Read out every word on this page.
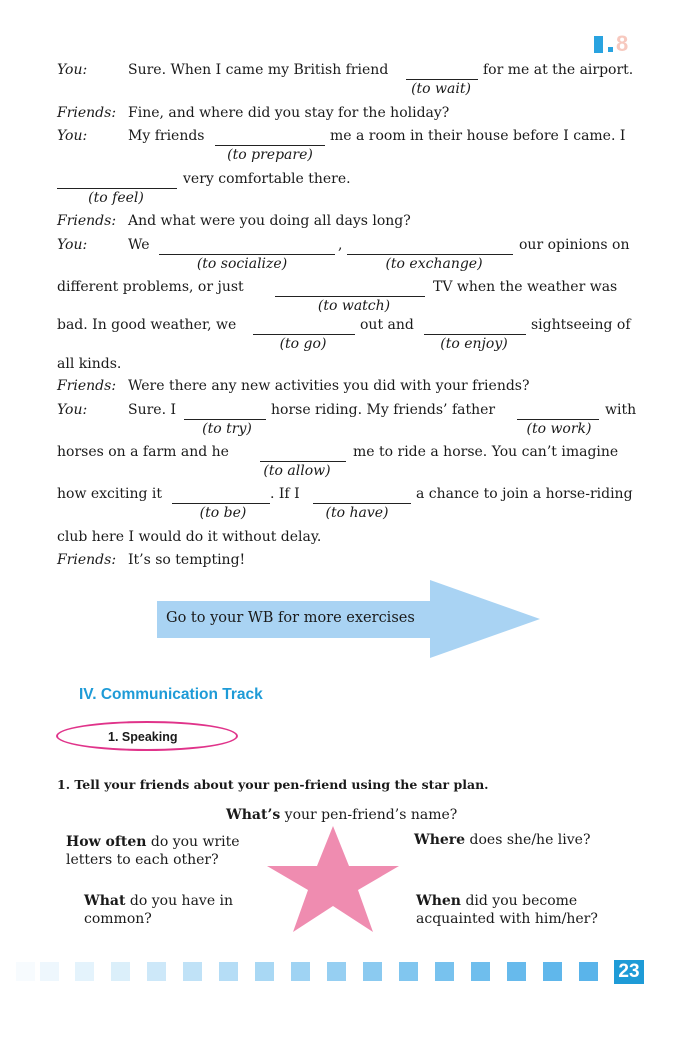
8
You:	Sure. When I came my British friend	for me at the airport.
(to wait)
Friends: Fine, and where did you stay for the holiday?
You:	My friends	me a room in their house before I came. I
(to prepare)
very comfortable there.
(to feel)
Friends: And what were you doing all days long?
You:	We	,	our opinions on
(to socialize)	(to exchange)
different problems, or just	TV when the weather was
(to watch)
bad. In good weather, we	out and	sightseeing of
(to go)	(to enjoy)
all kinds.
Friends: Were there any new activities you did with your friends?
You:	Sure. I	horse riding. My friends’ father	with
(to try)	(to work)
horses on a farm and he	me to ride a horse. You can’t imagine
(to allow)
how exciting it	. If I	a chance to join a horse-riding
(to be)	(to have)
club here I would do it without delay.
Friends: It’s so tempting!
Go to your WB for more exercises
IV. Communication Track
1. Speaking
1. Tell your friends about your pen-friend using the star plan.
What’s your pen-friend’s name?
How often do you write
letters to each other?
Where does she/he live?
What do you have in
common?
When did you become
acquainted with him/her?
23
